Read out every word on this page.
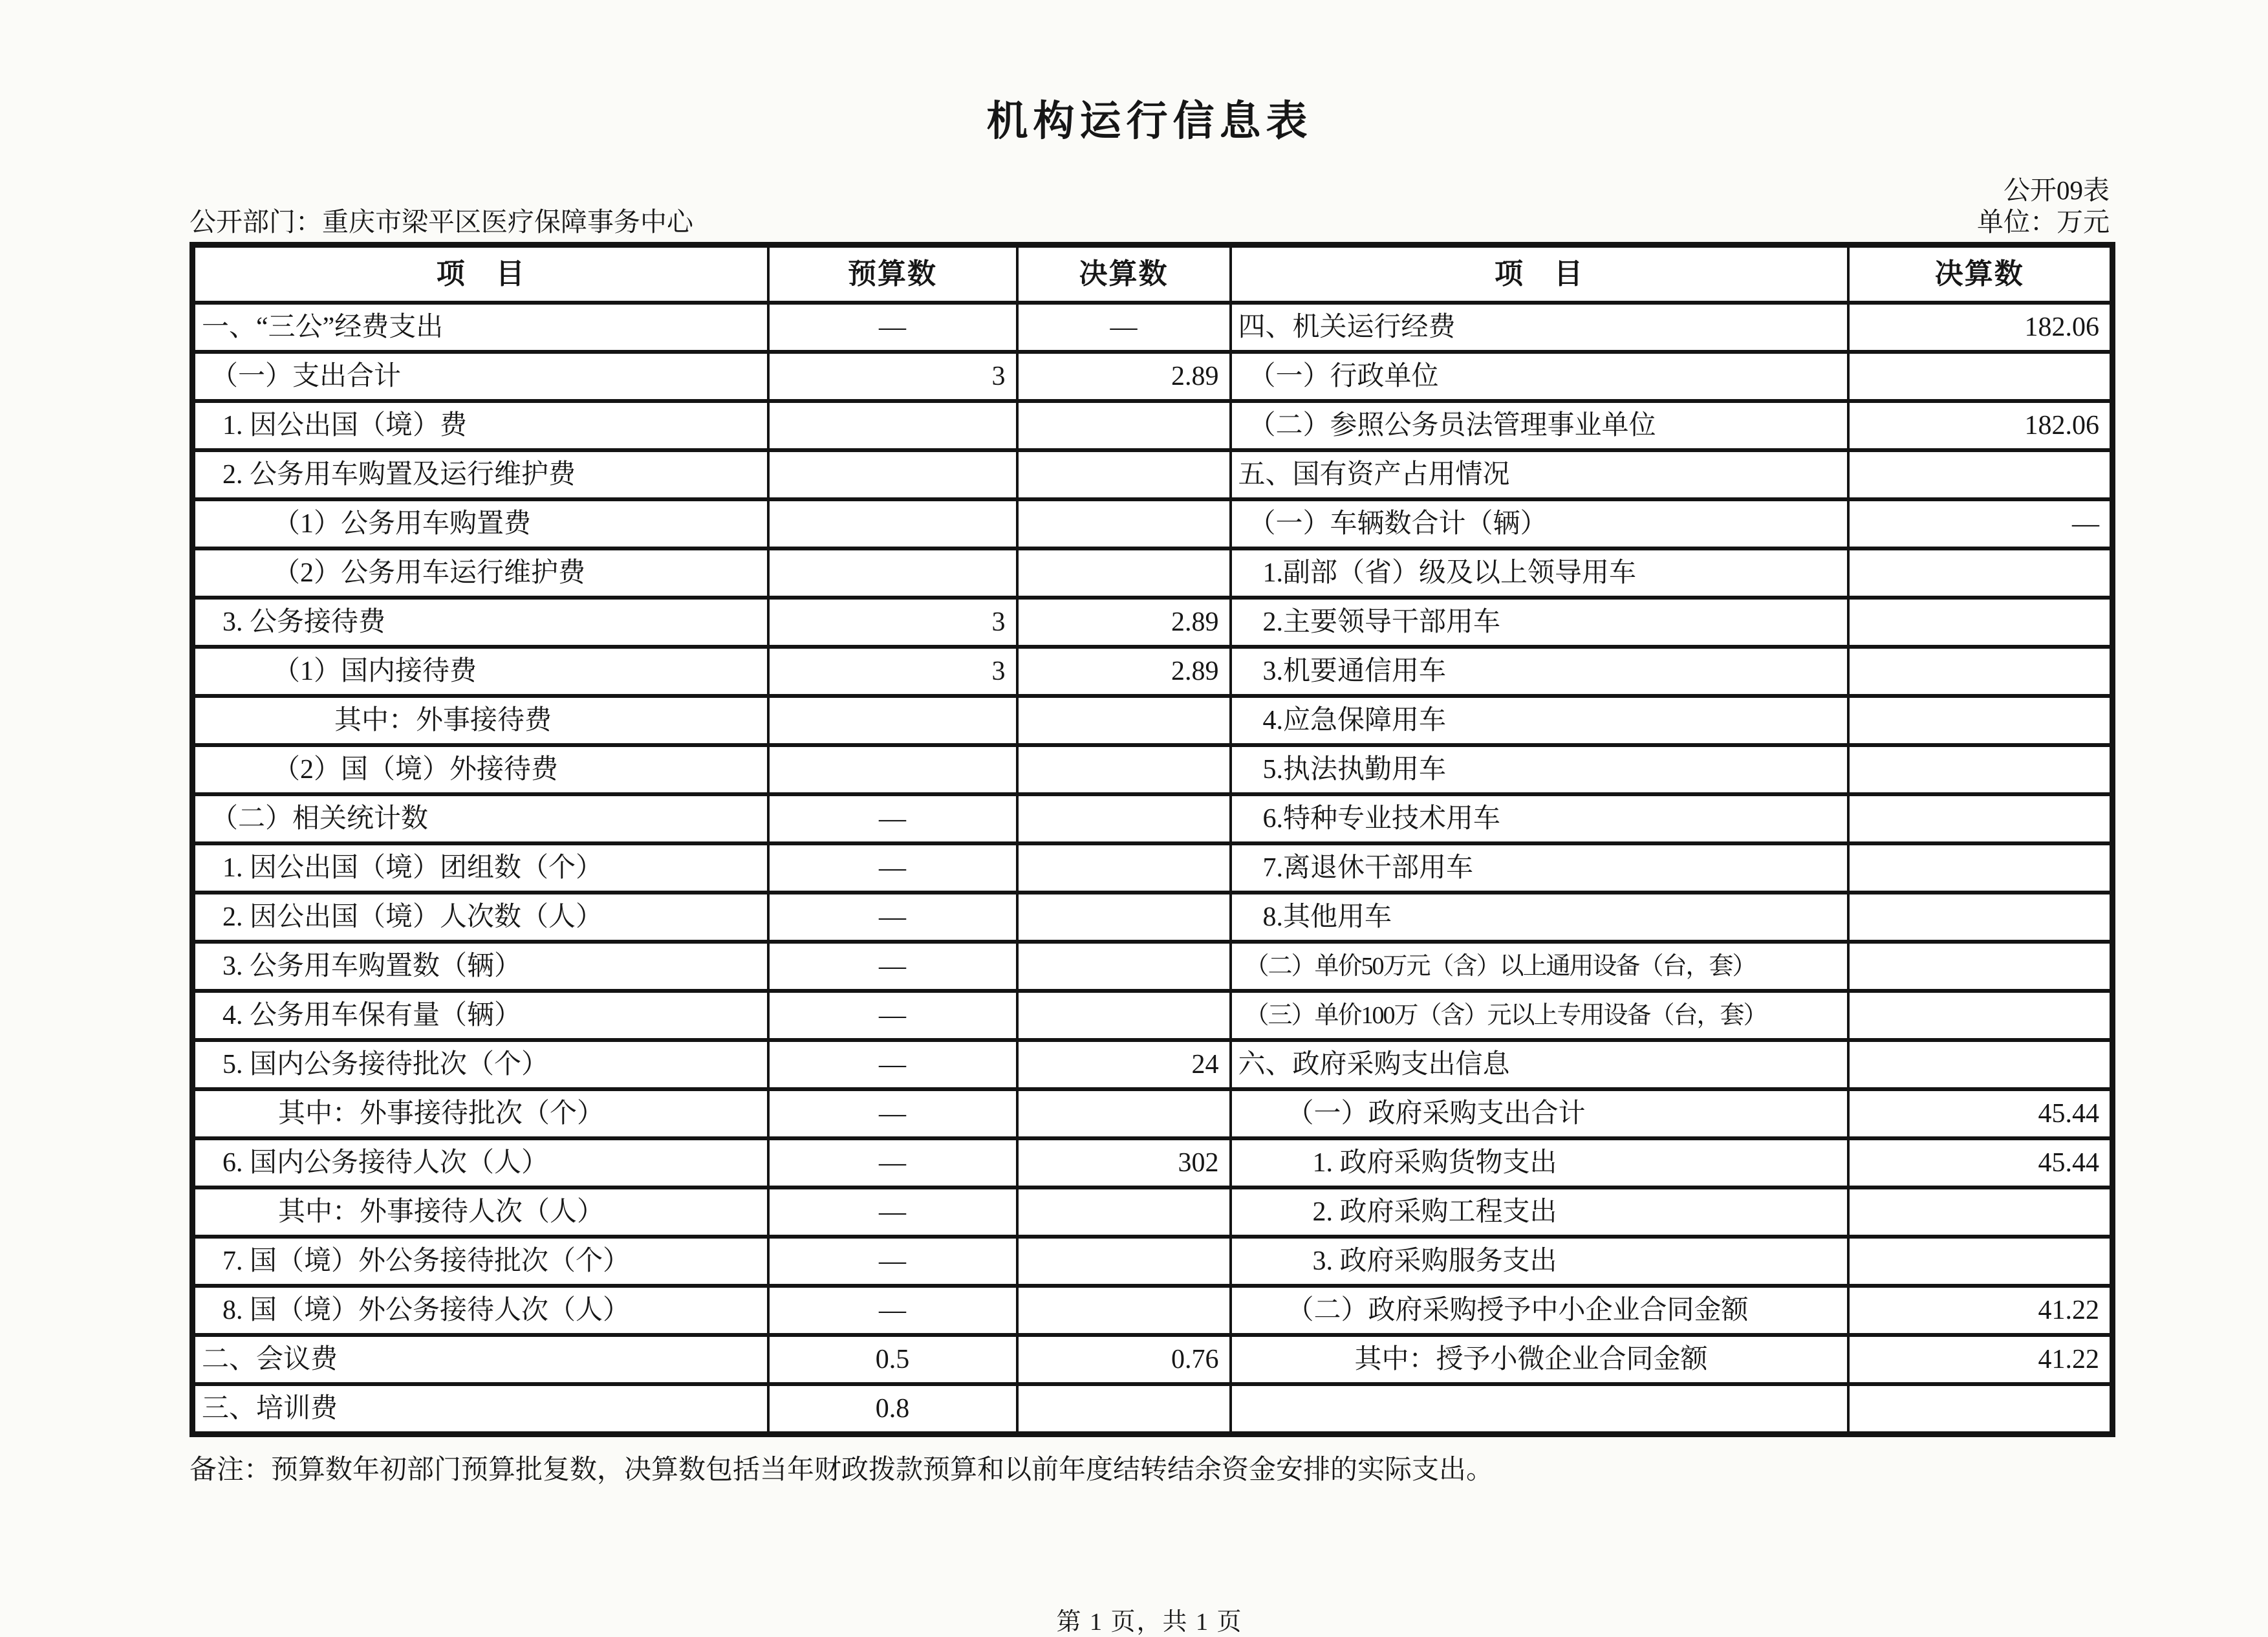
机构运行信息表
公开09表
公开部门：重庆市梁平区医疗保障事务中心	单位：万元
项　目	预算数	决算数	项　目	决算数
一、“三公”经费支出	—	—	四、机关运行经费	182.06
（一）支出合计	3	2.89	（一）行政单位	
1. 因公出国（境）费			（二）参照公务员法管理事业单位	182.06
2. 公务用车购置及运行维护费			五、国有资产占用情况	
（1）公务用车购置费			（一）车辆数合计（辆）	—
（2）公务用车运行维护费			1.副部（省）级及以上领导用车	
3. 公务接待费	3	2.89	2.主要领导干部用车	
（1）国内接待费	3	2.89	3.机要通信用车	
其中：外事接待费			4.应急保障用车	
（2）国（境）外接待费			5.执法执勤用车	
（二）相关统计数	—		6.特种专业技术用车	
1. 因公出国（境）团组数（个）	—		7.离退休干部用车	
2. 因公出国（境）人次数（人）	—		8.其他用车	
3. 公务用车购置数（辆）	—		（二）单价50万元（含）以上通用设备（台，套）	
4. 公务用车保有量（辆）	—		（三）单价100万（含）元以上专用设备（台，套）	
5. 国内公务接待批次（个）	—	24	六、政府采购支出信息	
其中：外事接待批次（个）	—		（一）政府采购支出合计	45.44
6. 国内公务接待人次（人）	—	302	1. 政府采购货物支出	45.44
其中：外事接待人次（人）	—		2. 政府采购工程支出	
7. 国（境）外公务接待批次（个）	—		3. 政府采购服务支出	
8. 国（境）外公务接待人次（人）	—		（二）政府采购授予中小企业合同金额	41.22
二、会议费	0.5	0.76	其中：授予小微企业合同金额	41.22
三、培训费	0.8			
备注：预算数年初部门预算批复数，决算数包括当年财政拨款预算和以前年度结转结余资金安排的实际支出。
第 1 页，共 1 页
